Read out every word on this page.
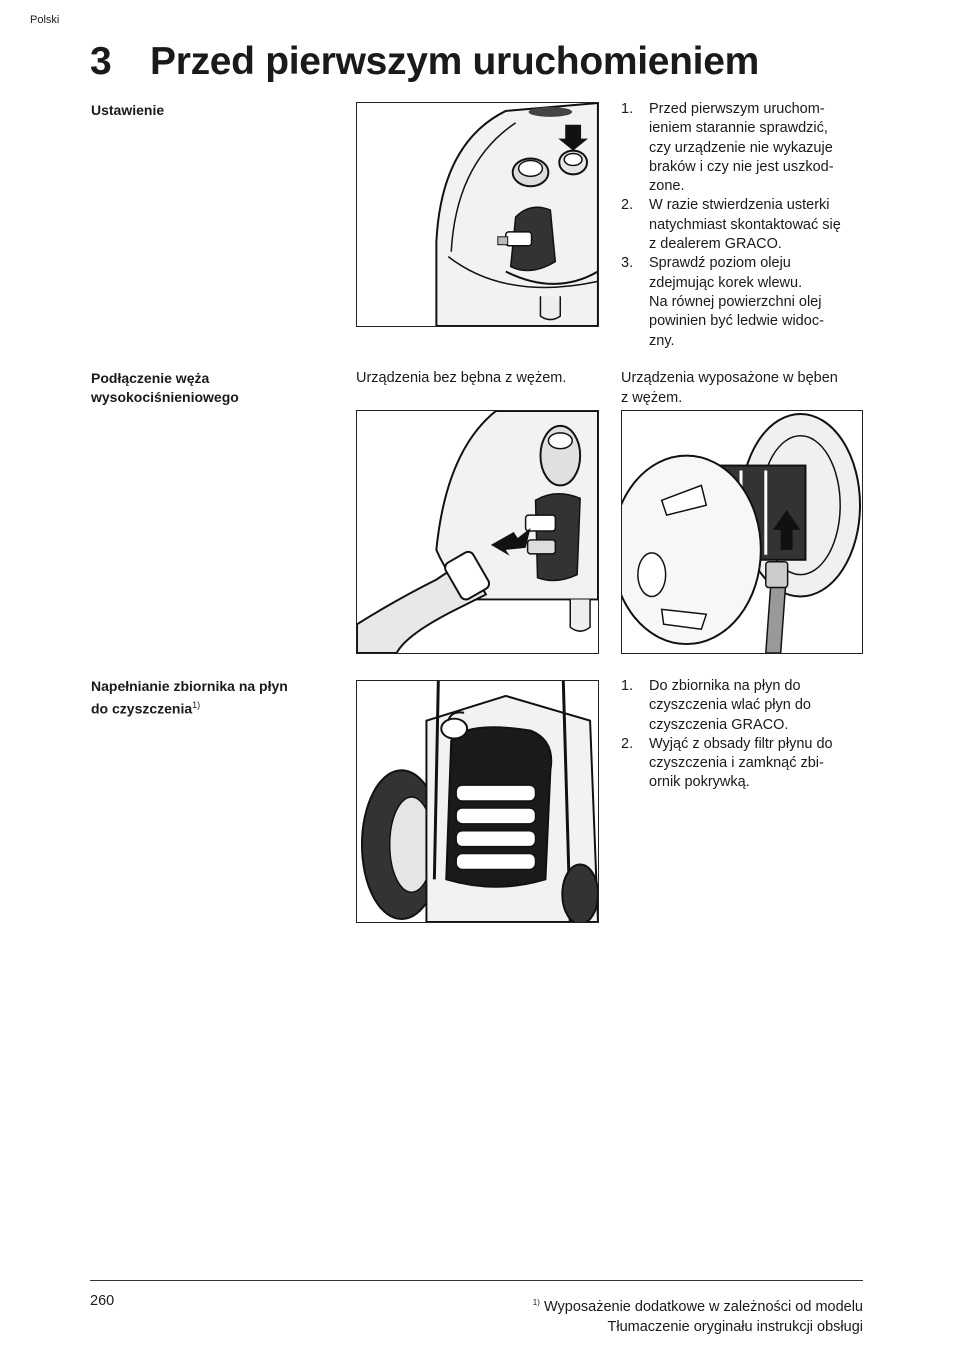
Polski
3 Przed pierwszym uruchomieniem
Ustawienie	1.	Przed pierwszym uruchom-
ieniem starannie sprawdzić,
czy urządzenie nie wykazuje
braków i czy nie jest uszkod-
zone.
2.	W razie stwierdzenia usterki
natychmiast skontaktować się
z dealerem GRACO.
3.	Sprawdź poziom oleju
zdejmując korek wlewu.
Na równej powierzchni olej
powinien być ledwie widoc-
zny.
Podłączenie węża
wysokociśnieniowego
Urządzenia bez bębna z wężem.	Urządzenia wyposażone w bęben
z wężem.
Napełnianie zbiornika na płyn
do czyszczenia$^{1)}$
1.	Do zbiornika na płyn do
czyszczenia wlać płyn do
czyszczenia GRACO.
2.	Wyjąć z obsady filtr płynu do
czyszczenia i zamknąć zbi-
ornik pokrywką.
260	$^{1)}$ Wyposażenie dodatkowe w zależności od modelu
Tłumaczenie oryginału instrukcji obsługi
